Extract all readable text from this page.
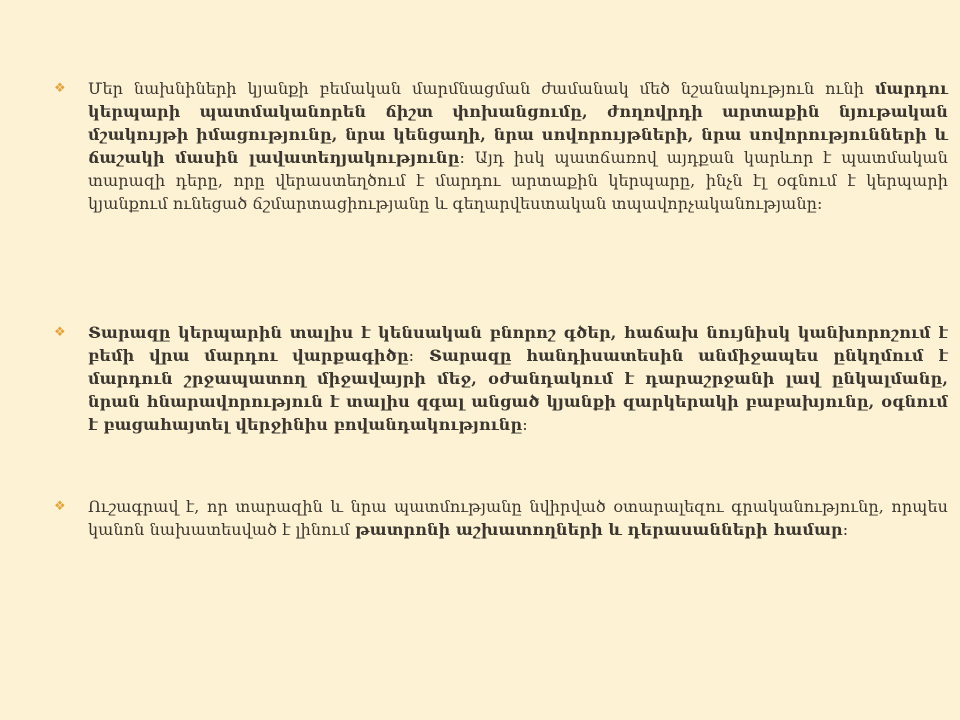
❖	Մեր նախնիների կյանքի բեմական մարմնացման ժամանակ մեծ նշանակություն ունի մարդու կերպարի պատմականորեն ճիշտ փոխանցումը, ժողովրդի արտաքին նյութական մշակույթի իմացությունը, նրա կենցաղի, նրա սովորույթների, նրա սովորությունների և ճաշակի մասին լավատեղյակությունը։ Այդ իսկ պատճառով այդքան կարևոր է պատմական տարազի դերը, որը վերաստեղծում է մարդու արտաքին կերպարը, ինչն էլ օգնում է կերպարի կյանքում ունեցած ճշմարտացիությանը և գեղարվեստական տպավորչականությանը։
❖	Տարազը կերպարին տալիս է կենսական բնորոշ գծեր, հաճախ նույնիսկ կանխորոշում է բեմի վրա մարդու վարքագիծը։ Տարազը հանդիսատեսին անմիջապես ընկղմում է մարդուն շրջապատող միջավայրի մեջ, օժանդակում է դարաշրջանի լավ ընկալմանը, նրան հնարավորություն է տալիս զգալ անցած կյանքի զարկերակի բաբախյունը, օգնում է բացահայտել վերջինիս բովանդակությունը։
❖	Ուշագրավ է, որ տարազին և նրա պատմությանը նվիրված օտարալեզու գրականությունը, որպես կանոն նախատեսված է լինում թատրոնի աշխատողների և դերասանների համար։
